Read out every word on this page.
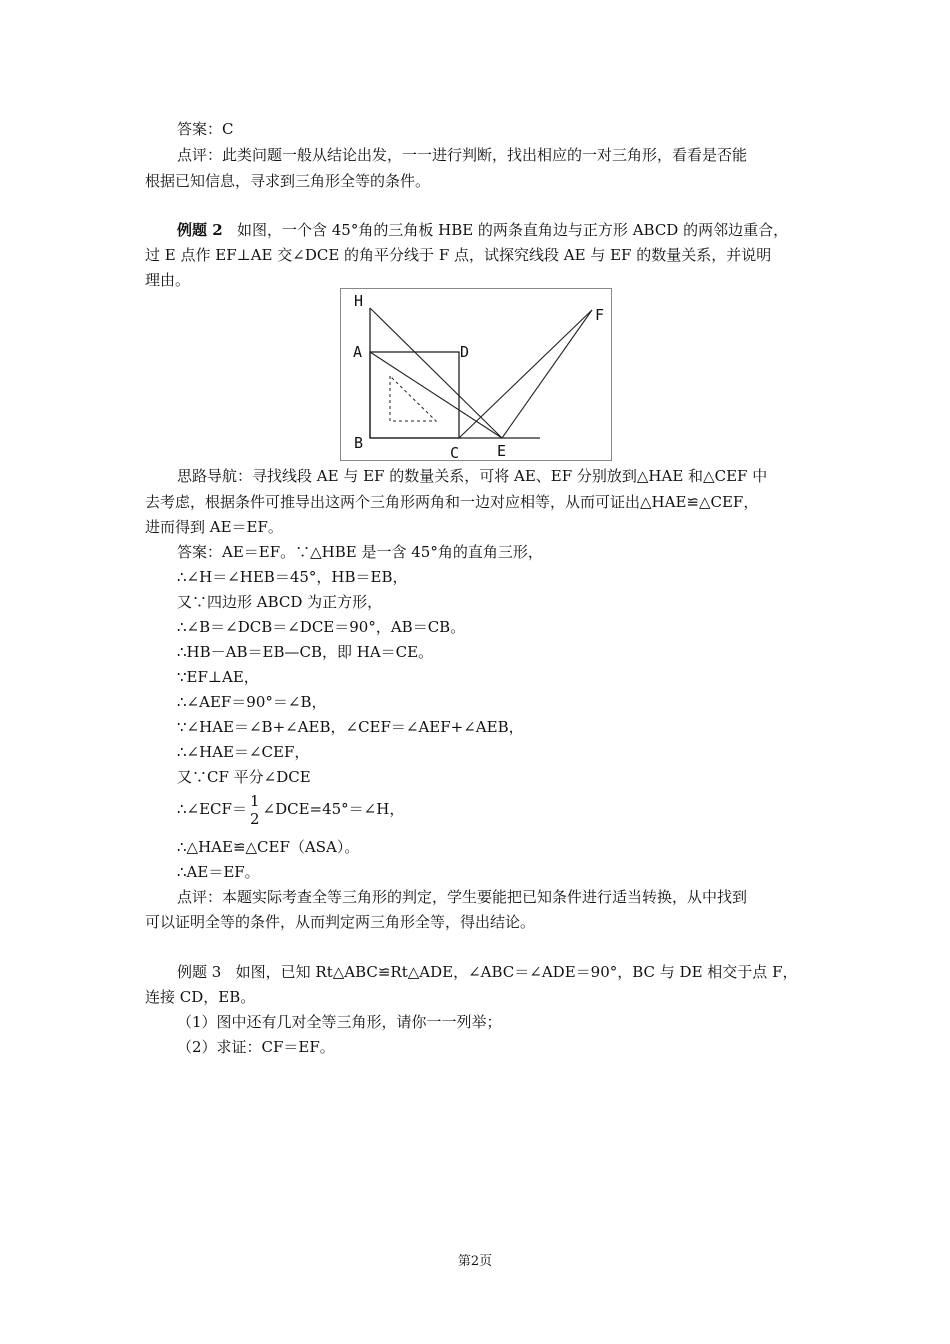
答案：C
点评：此类问题一般从结论出发，一一进行判断，找出相应的一对三角形，看看是否能
根据已知信息，寻求到三角形全等的条件。
例题 2 如图，一个含 45°角的三角板 HBE 的两条直角边与正方形 ABCD 的两邻边重合，
过 E 点作 EF⊥AE 交∠DCE 的角平分线于 F 点，试探究线段 AE 与 EF 的数量关系，并说明
理由。
H
A	D
F
B
C	E
思路导航：寻找线段 AE 与 EF 的数量关系，可将 AE、EF 分别放到△HAE 和△CEF 中
去考虑，根据条件可推导出这两个三角形两角和一边对应相等，从而可证出△HAE≌△CEF，
进而得到 AE＝EF。
答案：AE＝EF。∵△HBE 是一含 45°角的直角三形，
∴∠H＝∠HEB＝45°，HB＝EB，
又∵四边形 ABCD 为正方形，
∴∠B＝∠DCB＝∠DCE＝90°，AB＝CB。
∴HB－AB＝EB—CB，即 HA＝CE。
∵EF⊥AE，
∴∠AEF＝90°＝∠B，
∵∠HAE＝∠B+∠AEB，∠CEF＝∠AEF+∠AEB，
∴∠HAE＝∠CEF，
又∵CF 平分∠DCE
∴∠ECF＝ 1
2
∠DCE=45°＝∠H，
∴△HAE≌△CEF（ASA）。
∴AE＝EF。
点评：本题实际考查全等三角形的判定，学生要能把已知条件进行适当转换，从中找到
可以证明全等的条件，从而判定两三角形全等，得出结论。
例题 3 如图，已知 Rt△ABC≌Rt△ADE，∠ABC＝∠ADE＝90°，BC 与 DE 相交于点 F，
连接 CD，EB。
（1）图中还有几对全等三角形，请你一一列举；
（2）求证：CF＝EF。
第2页
